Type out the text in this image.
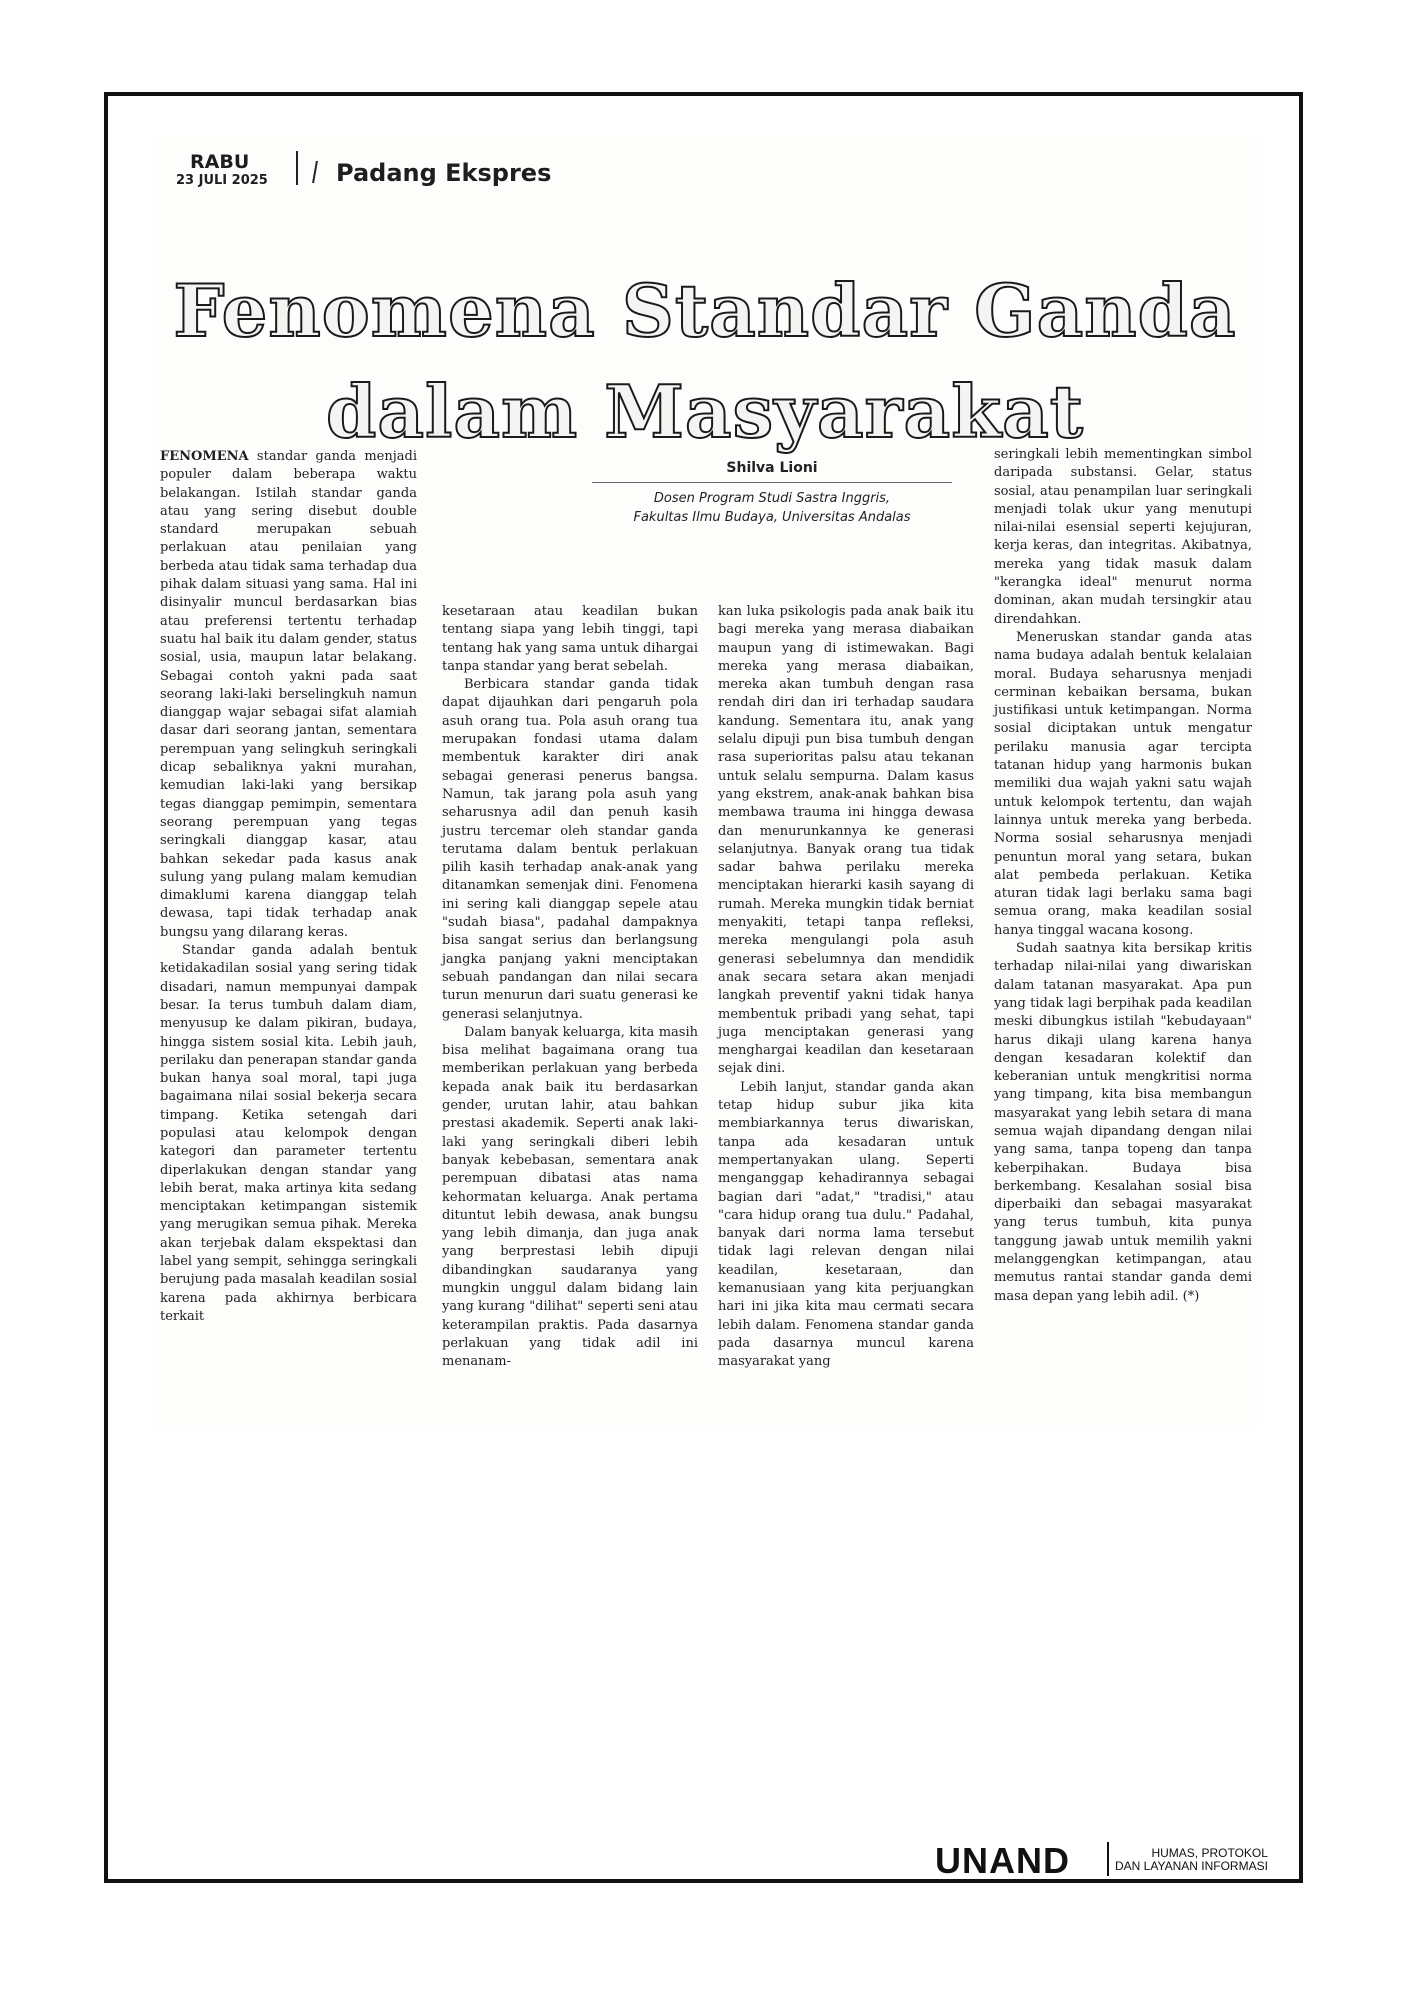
RABU
23 JULI 2025	Padang Ekspres
Fenomena Standar Ganda
dalam Masyarakat
Shilva Lioni
Dosen Program Studi Sastra Inggris,
Fakultas Ilmu Budaya, Universitas Andalas

FENOMENA standar ganda menjadi populer dalam beberapa waktu belakangan. Istilah standar ganda atau yang sering disebut double standard merupakan sebuah perlakuan atau penilaian yang berbeda atau tidak sama terhadap dua pihak dalam situasi yang sama. Hal ini disinyalir muncul berdasarkan bias atau preferensi tertentu terhadap suatu hal baik itu dalam gender, status sosial, usia, maupun latar belakang. Sebagai contoh yakni pada saat seorang laki-laki berselingkuh namun dianggap wajar sebagai sifat alamiah dasar dari seorang jantan, sementara perempuan yang selingkuh seringkali dicap sebaliknya yakni murahan, kemudian laki-laki yang bersikap tegas dianggap pemimpin, sementara seorang perempuan yang tegas seringkali dianggap kasar, atau bahkan sekedar pada kasus anak sulung yang pulang malam kemudian dimaklumi karena dianggap telah dewasa, tapi tidak terhadap anak bungsu yang dilarang keras.

Standar ganda adalah bentuk ketidakadilan sosial yang sering tidak disadari, namun mempunyai dampak besar. Ia terus tumbuh dalam diam, menyusup ke dalam pikiran, budaya, hingga sistem sosial kita. Lebih jauh, perilaku dan penerapan standar ganda bukan hanya soal moral, tapi juga bagaimana nilai sosial bekerja secara timpang. Ketika setengah dari populasi atau kelompok dengan kategori dan parameter tertentu diperlakukan dengan standar yang lebih berat, maka artinya kita sedang menciptakan ketimpangan sistemik yang merugikan semua pihak. Mereka akan terjebak dalam ekspektasi dan label yang sempit, sehingga seringkali berujung pada masalah keadilan sosial karena pada akhirnya berbicara terkait

kesetaraan atau keadilan bukan tentang siapa yang lebih tinggi, tapi tentang hak yang sama untuk dihargai tanpa standar yang berat sebelah.

Berbicara standar ganda tidak dapat dijauhkan dari pengaruh pola asuh orang tua. Pola asuh orang tua merupakan fondasi utama dalam membentuk karakter diri anak sebagai generasi penerus bangsa. Namun, tak jarang pola asuh yang seharusnya adil dan penuh kasih justru tercemar oleh standar ganda terutama dalam bentuk perlakuan pilih kasih terhadap anak-anak yang ditanamkan semenjak dini. Fenomena ini sering kali dianggap sepele atau "sudah biasa", padahal dampaknya bisa sangat serius dan berlangsung jangka panjang yakni menciptakan sebuah pandangan dan nilai secara turun menurun dari suatu generasi ke generasi selanjutnya.

Dalam banyak keluarga, kita masih bisa melihat bagaimana orang tua memberikan perlakuan yang berbeda kepada anak baik itu berdasarkan gender, urutan lahir, atau bahkan prestasi akademik. Seperti anak laki-laki yang seringkali diberi lebih banyak kebebasan, sementara anak perempuan dibatasi atas nama kehormatan keluarga. Anak pertama dituntut lebih dewasa, anak bungsu yang lebih dimanja, dan juga anak yang berprestasi lebih dipuji dibandingkan saudaranya yang mungkin unggul dalam bidang lain yang kurang "dilihat" seperti seni atau keterampilan praktis. Pada dasarnya perlakuan yang tidak adil ini menanam-

kan luka psikologis pada anak baik itu bagi mereka yang merasa diabaikan maupun yang di istimewakan. Bagi mereka yang merasa diabaikan, mereka akan tumbuh dengan rasa rendah diri dan iri terhadap saudara kandung. Sementara itu, anak yang selalu dipuji pun bisa tumbuh dengan rasa superioritas palsu atau tekanan untuk selalu sempurna. Dalam kasus yang ekstrem, anak-anak bahkan bisa membawa trauma ini hingga dewasa dan menurunkannya ke generasi selanjutnya. Banyak orang tua tidak sadar bahwa perilaku mereka menciptakan hierarki kasih sayang di rumah. Mereka mungkin tidak berniat menyakiti, tetapi tanpa refleksi, mereka mengulangi pola asuh generasi sebelumnya dan mendidik anak secara setara akan menjadi langkah preventif yakni tidak hanya membentuk pribadi yang sehat, tapi juga menciptakan generasi yang menghargai keadilan dan kesetaraan sejak dini.

Lebih lanjut, standar ganda akan tetap hidup subur jika kita membiarkannya terus diwariskan, tanpa ada kesadaran untuk mempertanyakan ulang. Seperti menganggap kehadirannya sebagai bagian dari "adat," "tradisi," atau "cara hidup orang tua dulu." Padahal, banyak dari norma lama tersebut tidak lagi relevan dengan nilai keadilan, kesetaraan, dan kemanusiaan yang kita perjuangkan hari ini jika kita mau cermati secara lebih dalam. Fenomena standar ganda pada dasarnya muncul karena masyarakat yang

seringkali lebih mementingkan simbol daripada substansi. Gelar, status sosial, atau penampilan luar seringkali menjadi tolak ukur yang menutupi nilai-nilai esensial seperti kejujuran, kerja keras, dan integritas. Akibatnya, mereka yang tidak masuk dalam "kerangka ideal" menurut norma dominan, akan mudah tersingkir atau direndahkan.

Meneruskan standar ganda atas nama budaya adalah bentuk kelalaian moral. Budaya seharusnya menjadi cerminan kebaikan bersama, bukan justifikasi untuk ketimpangan. Norma sosial diciptakan untuk mengatur perilaku manusia agar tercipta tatanan hidup yang harmonis bukan memiliki dua wajah yakni satu wajah untuk kelompok tertentu, dan wajah lainnya untuk mereka yang berbeda. Norma sosial seharusnya menjadi penuntun moral yang setara, bukan alat pembeda perlakuan. Ketika aturan tidak lagi berlaku sama bagi semua orang, maka keadilan sosial hanya tinggal wacana kosong.

Sudah saatnya kita bersikap kritis terhadap nilai-nilai yang diwariskan dalam tatanan masyarakat. Apa pun yang tidak lagi berpihak pada keadilan meski dibungkus istilah "kebudayaan" harus dikaji ulang karena hanya dengan kesadaran kolektif dan keberanian untuk mengkritisi norma yang timpang, kita bisa membangun masyarakat yang lebih setara di mana semua wajah dipandang dengan nilai yang sama, tanpa topeng dan tanpa keberpihakan. Budaya bisa berkembang. Kesalahan sosial bisa diperbaiki dan sebagai masyarakat yang terus tumbuh, kita punya tanggung jawab untuk memilih yakni melanggengkan ketimpangan, atau memutus rantai standar ganda demi masa depan yang lebih adil. (*)

UNAND	HUMAS, PROTOKOL
DAN LAYANAN INFORMASI
